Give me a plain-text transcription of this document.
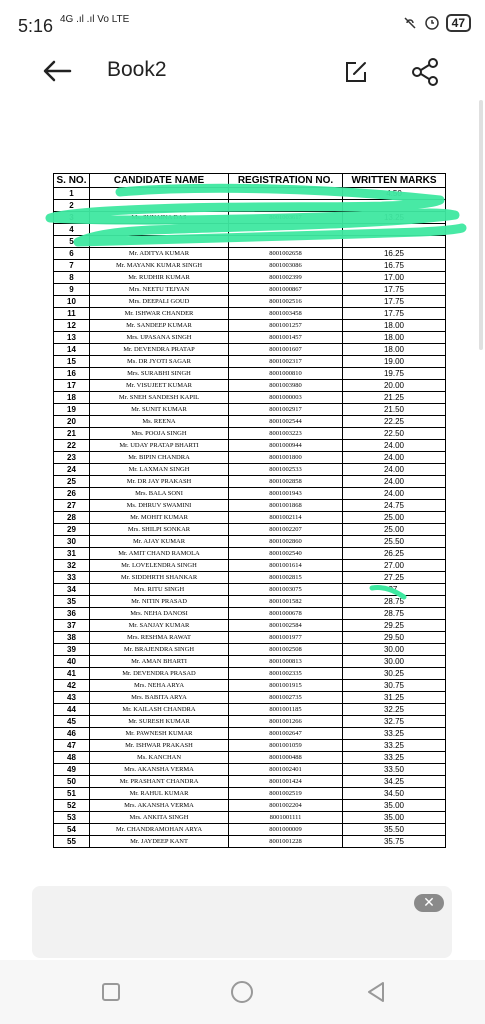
5:16 4G .ıl .ıl Vo LTE	47
Book2
S. NO.	CANDIDATE NAME	REGISTRATION NO.	WRITTEN MARKS
1			4.50
2			
3	Ms. SUNAINA DAS	8001003617	13.25
4			
5			
6	Mr. ADITYA KUMAR	8001002658	16.25
7	Mr. MAYANK KUMAR SINGH	8001003086	16.75
8	Mr. RUDHIR KUMAR	8001002399	17.00
9	Mrs. NEETU TEJYAN	8001000867	17.75
10	Mrs. DEEPALI GOUD	8001002516	17.75
11	Mr. ISHWAR CHANDER	8001003458	17.75
12	Mr. SANDEEP KUMAR	8001001257	18.00
13	Mrs. UPASANA SINGH	8001001457	18.00
14	Mr. DEVENDRA PRATAP	8001001607	18.00
15	Ms. DR JYOTI SAGAR	8001002317	19.00
16	Mrs. SURABHI SINGH	8001000810	19.75
17	Mr. VISUJEET KUMAR	8001003980	20.00
18	Mr. SNEH SANDESH KAPIL	8001000003	21.25
19	Mr. SUNIT KUMAR	8001002917	21.50
20	Ms. REENA	8001002544	22.25
21	Mrs. POOJA SINGH	8001003223	22.50
22	Mr. UDAY PRATAP BHARTI	8001000944	24.00
23	Mr. BIPIN CHANDRA	8001001800	24.00
24	Mr. LAXMAN SINGH	8001002533	24.00
25	Mr. DR JAY PRAKASH	8001002858	24.00
26	Mrs. BALA SONI	8001001943	24.00
27	Ms. DHRUV SWAMINI	8001001868	24.75
28	Mr. MOHIT KUMAR	8001002114	25.00
29	Mrs. SHILPI SONKAR	8001002207	25.00
30	Mr. AJAY KUMAR	8001002860	25.50
31	Mr. AMIT CHAND RAMOLA	8001002540	26.25
32	Mr. LOVELENDRA SINGH	8001001614	27.00
33	Mr. SIDDHRTH SHANKAR	8001002815	27.25
34	Mrs. RITU SINGH	8001003075	27.
35	Mr. NITIN PRASAD	8001001582	28.75
36	Mrs. NEHA DANOSI	8001000678	28.75
37	Mr. SANJAY KUMAR	8001002584	29.25
38	Mrs. RESHMA RAWAT	8001001977	29.50
39	Mr. BRAJENDRA SINGH	8001002508	30.00
40	Mr. AMAN BHARTI	8001000813	30.00
41	Mr. DEVENDRA PRASAD	8001002335	30.25
42	Mrs. NEHA ARYA	8001001915	30.75
43	Mrs. BABITA ARYA	8001002735	31.25
44	Mr. KAILASH CHANDRA	8001001185	32.25
45	Mr. SURESH KUMAR	8001001266	32.75
46	Mr. PAWNESH KUMAR	8001002647	33.25
47	Mr. ISHWAR PRAKASH	8001001059	33.25
48	Ms. KANCHAN	8001000488	33.25
49	Mrs. AKANSHA VERMA	8001002401	33.50
50	Mr. PRASHANT CHANDRA	8001001424	34.25
51	Mr. RAHUL KUMAR	8001002519	34.50
52	Mrs. AKANSHA VERMA	8001002204	35.00
53	Mrs. ANKITA SINGH	8001001111	35.00
54	Mr. CHANDRAMOHAN ARYA	8001000009	35.50
55	Mr. JAYDEEP KANT	8001001228	35.75
✕
